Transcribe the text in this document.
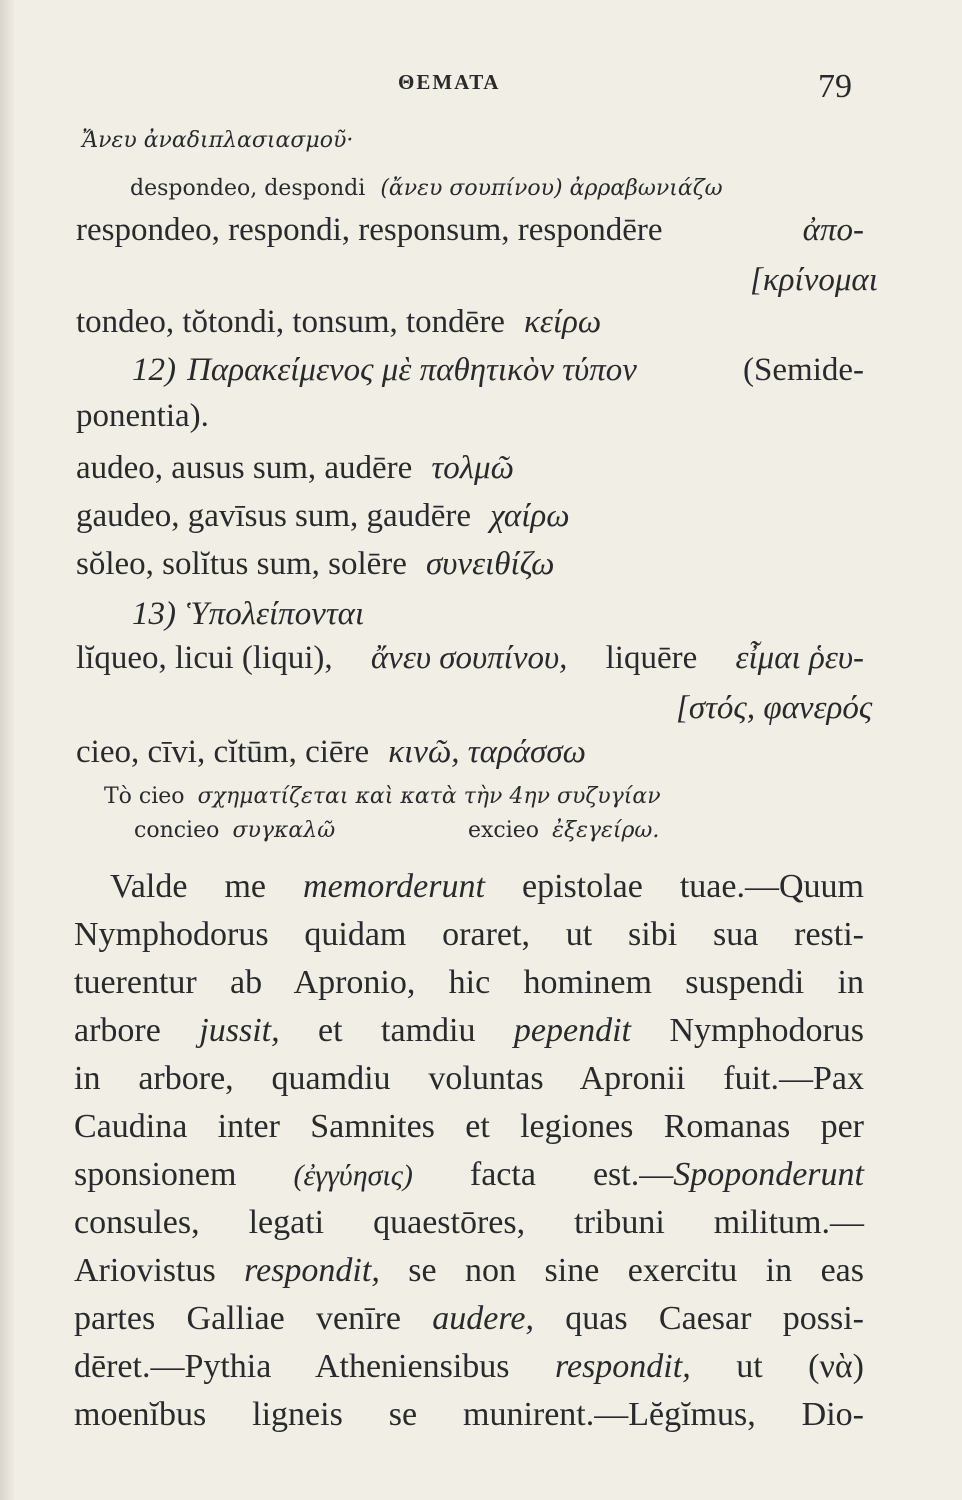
ΘΕΜΑΤΑ	79
Ἄνευ ἀναδιπλασιασμοῦ·
despondeo, despondi (ἄνευ σουπίνου) ἀρραβωνιάζω
respondeo, respondi, responsum, respondēre	ἀπο-
[κρίνομαι
tondeo, tŏtondi, tonsum, tondēre κείρω
12) Παρακείμενος μὲ παθητικὸν τύπον	(Semide-
ponentia).
audeo, ausus sum, audēre τολμῶ
gaudeo, gavīsus sum, gaudēre χαίρω
sŏleo, solĭtus sum, solēre συνειθίζω
13) Ὑπολείπονται
lĭqueo, licui (liqui), ἄνευ σουπίνου, liquēre εἶμαι ῥευ-
[στός, φανερός
cieo, cīvi, cĭtūm, ciēre κινῶ, ταράσσω
Τὸ cieo σχηματίζεται καὶ κατὰ τὴν 4ην συζυγίαν
concieo συγκαλῶ	excieo ἐξεγείρω.
Valde me memorderunt epistolae tuae.—Quum
Nymphodorus quidam oraret, ut sibi sua resti-
tuerentur ab Apronio, hic hominem suspendi in
arbore jussit, et tamdiu pependit Nymphodorus
in arbore, quamdiu voluntas Apronii fuit.—Pax
Caudina inter Samnites et legiones Romanas per
sponsionem (ἐγγύησις) facta est.—Spoponderunt
consules, legati quaestōres, tribuni militum.—
Ariovistus respondit, se non sine exercitu in eas
partes Galliae venīre audere, quas Caesar possi-
dēret.—Pythia Atheniensibus respondit, ut (νὰ)
moenĭbus ligneis se munirent.—Lĕgĭmus, Dio-
